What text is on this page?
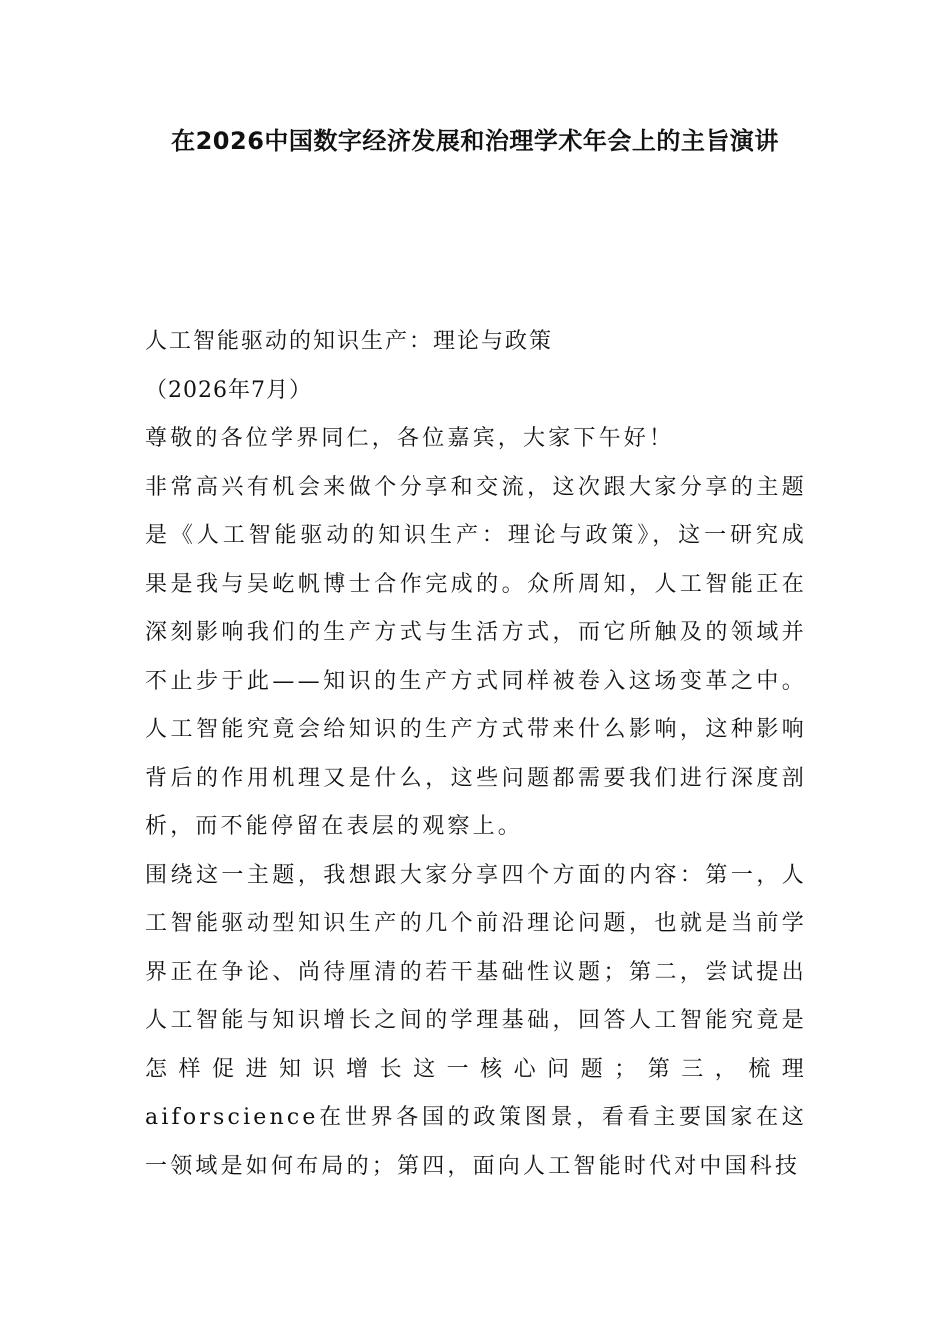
在2026中国数字经济发展和治理学术年会上的主旨演讲

人工智能驱动的知识生产：理论与政策

（2026年7月）

尊敬的各位学界同仁，各位嘉宾，大家下午好！

非常高兴有机会来做个分享和交流，这次跟大家分享的主题是《人工智能驱动的知识生产：理论与政策》，这一研究成果是我与吴屹帆博士合作完成的。众所周知，人工智能正在深刻影响我们的生产方式与生活方式，而它所触及的领域并不止步于此——知识的生产方式同样被卷入这场变革之中。人工智能究竟会给知识的生产方式带来什么影响，这种影响背后的作用机理又是什么，这些问题都需要我们进行深度剖析，而不能停留在表层的观察上。

围绕这一主题，我想跟大家分享四个方面的内容：第一，人工智能驱动型知识生产的几个前沿理论问题，也就是当前学界正在争论、尚待厘清的若干基础性议题；第二，尝试提出人工智能与知识增长之间的学理基础，回答人工智能究竟是怎样促进知识增长这一核心问题；第三，梳理aiforscience在世界各国的政策图景，看看主要国家在这一领域是如何布局的；第四，面向人工智能时代对中国科技
